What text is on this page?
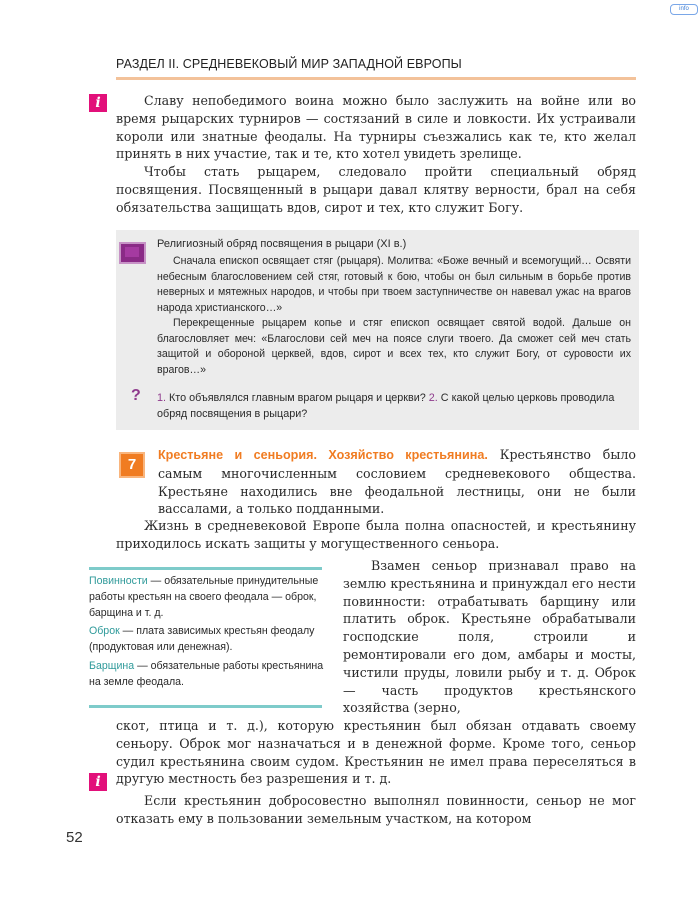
info
РАЗДЕЛ II. СРЕДНЕВЕКОВЫЙ МИР ЗАПАДНОЙ ЕВРОПЫ
i	Славу непобедимого воина можно было заслужить на войне или во время рыцарских турниров — состязаний в силе и ловкости. Их устраивали короли или знатные феодалы. На турниры съезжались как те, кто желал принять в них участие, так и те, кто хотел увидеть зрелище.

Чтобы стать рыцарем, следовало пройти специальный обряд посвящения. Посвященный в рыцари давал клятву верности, брал на себя обязательства защищать вдов, сирот и тех, кто служит Богу.

Религиозный обряд посвящения в рыцари (XI в.)
Сначала епископ освящает стяг (рыцаря). Молитва: «Боже вечный и всемогущий… Освяти небесным благословением сей стяг, готовый к бою, чтобы он был сильным в борьбе против неверных и мятежных народов, и чтобы при твоем заступничестве он навевал ужас на врагов народа христианского…»
Перекрещенные рыцарем копье и стяг епископ освящает святой водой. Дальше он благословляет меч: «Благослови сей меч на поясе слуги твоего. Да сможет сей меч стать защитой и обороной церквей, вдов, сирот и всех тех, кто служит Богу, от суровости их врагов…»
? 1. Кто объявлялся главным врагом рыцаря и церкви? 2. С какой целью церковь проводила обряд посвящения в рыцари?
7

Крестьяне и сеньория. Хозяйство крестьянина. Крестьянство было самым многочисленным сословием средневекового общества. Крестьяне находились вне феодальной лестницы, они не были вассалами, а только подданными.

Жизнь в средневековой Европе была полна опасностей, и крестьянину приходилось искать защиты у могущественного сеньора.

Повинности — обязательные принудительные работы крестьян на своего феодала — оброк, барщина и т. д.

Оброк — плата зависимых крестьян феодалу (продуктовая или денежная).

Барщина — обязательные работы крестьянина на земле феодала.

Взамен сеньор признавал право на землю крестьянина и принуждал его нести повинности: отрабатывать барщину или платить оброк. Крестьяне обрабатывали господские поля, строили и ремонтировали его дом, амбары и мосты, чистили пруды, ловили рыбу и т. д. Оброк — часть продуктов крестьянского хозяйства (зерно,

скот, птица и т. д.), которую крестьянин был обязан отдавать своему сеньору. Оброк мог назначаться и в денежной форме. Кроме того, сеньор судил крестьянина своим судом. Крестьянин не имел права переселяться в другую местность без разрешения и т. д.

i

Если крестьянин добросовестно выполнял повинности, сеньор не мог отказать ему в пользовании земельным участком, на котором

52
